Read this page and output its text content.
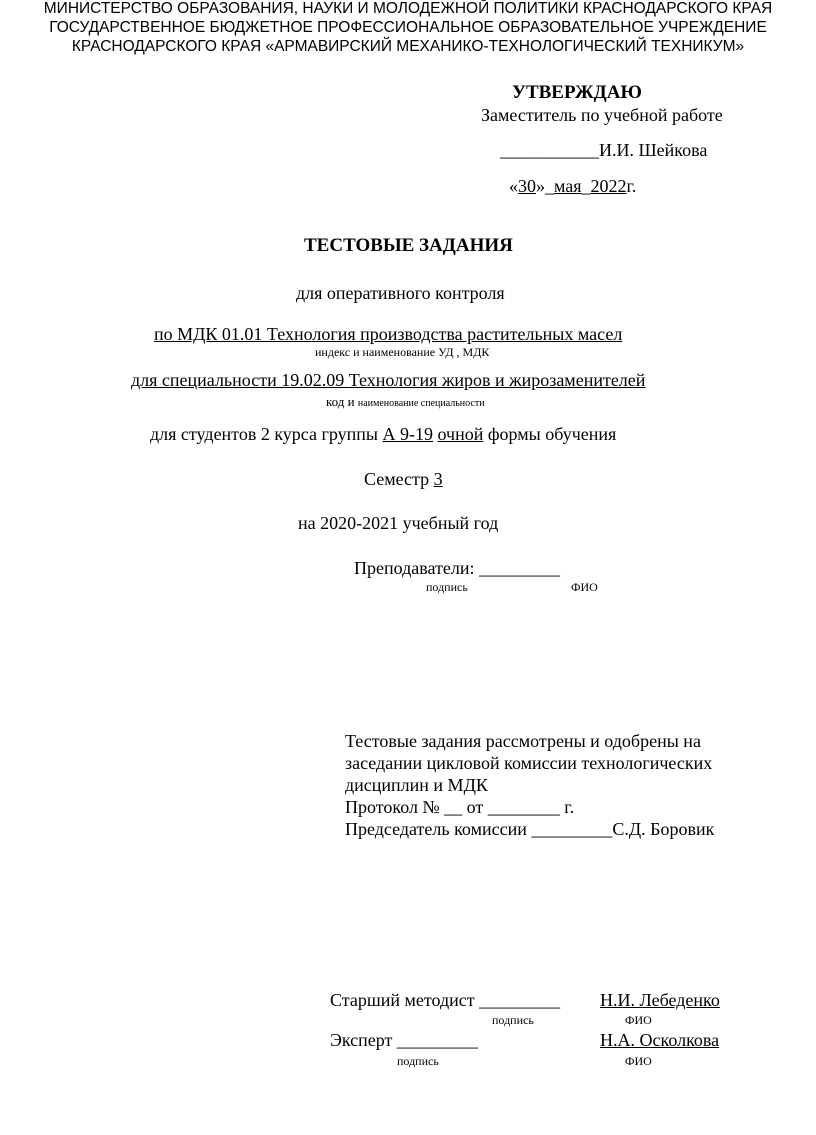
МИНИСТЕРСТВО ОБРАЗОВАНИЯ, НАУКИ И МОЛОДЕЖНОЙ ПОЛИТИКИ КРАСНОДАРСКОГО КРАЯ
ГОСУДАРСТВЕННОЕ БЮДЖЕТНОЕ ПРОФЕССИОНАЛЬНОЕ ОБРАЗОВАТЕЛЬНОЕ УЧРЕЖДЕНИЕ
КРАСНОДАРСКОГО КРАЯ «АРМАВИРСКИЙ МЕХАНИКО-ТЕХНОЛОГИЧЕСКИЙ ТЕХНИКУМ»
УТВЕРЖДАЮ
Заместитель по учебной работе
___________И.И. Шейкова
«30»_мая_2022г.
ТЕСТОВЫЕ ЗАДАНИЯ
для оперативного контроля
по МДК 01.01 Технология производства растительных масел
индекс и наименование УД , МДК
для специальности 19.02.09 Технология жиров и жирозаменителей
код и наименование специальности
для студентов 2 курса группы А 9-19 очной формы обучения
Семестр 3
на 2020-2021 учебный год
Преподаватели: _________
подпись	ФИО
Тестовые задания рассмотрены и одобрены на
заседании цикловой комиссии технологических
дисциплин и МДК
Протокол № __ от ________ г.
Председатель комиссии _________С.Д. Боровик
Старший методист _________ Н.И. Лебеденко
подпись	ФИО
Эксперт _________	Н.А. Осколкова
подпись	ФИО
